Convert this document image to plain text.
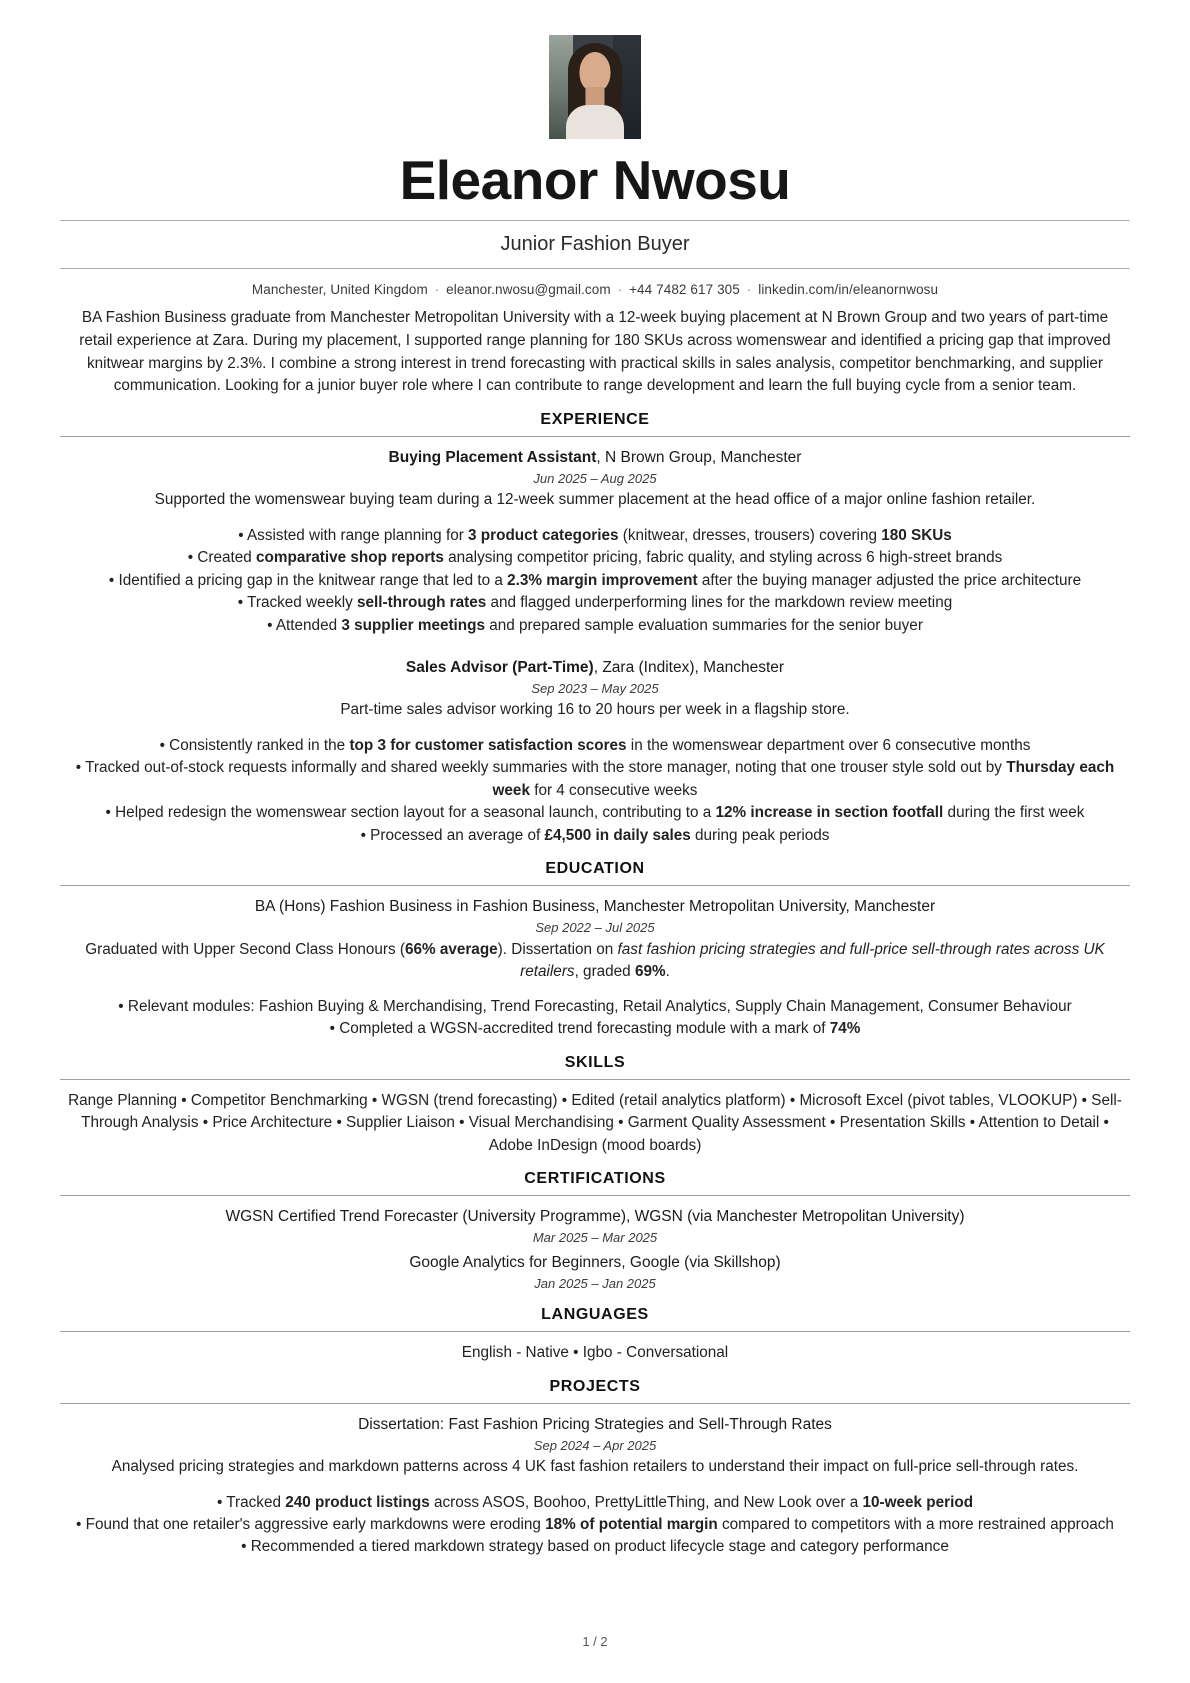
Eleanor Nwosu
Junior Fashion Buyer
Manchester, United Kingdom · eleanor.nwosu@gmail.com · +44 7482 617 305 · linkedin.com/in/eleanornwosu

BA Fashion Business graduate from Manchester Metropolitan University with a 12-week buying placement at N Brown Group and two years of part-time retail experience at Zara. During my placement, I supported range planning for 180 SKUs across womenswear and identified a pricing gap that improved knitwear margins by 2.3%. I combine a strong interest in trend forecasting with practical skills in sales analysis, competitor benchmarking, and supplier communication. Looking for a junior buyer role where I can contribute to range development and learn the full buying cycle from a senior team.

EXPERIENCE
Buying Placement Assistant, N Brown Group, Manchester
Jun 2025 – Aug 2025
Supported the womenswear buying team during a 12-week summer placement at the head office of a major online fashion retailer.
• Assisted with range planning for 3 product categories (knitwear, dresses, trousers) covering 180 SKUs
• Created comparative shop reports analysing competitor pricing, fabric quality, and styling across 6 high-street brands
• Identified a pricing gap in the knitwear range that led to a 2.3% margin improvement after the buying manager adjusted the price architecture
• Tracked weekly sell-through rates and flagged underperforming lines for the markdown review meeting
• Attended 3 supplier meetings and prepared sample evaluation summaries for the senior buyer
Sales Advisor (Part-Time), Zara (Inditex), Manchester
Sep 2023 – May 2025
Part-time sales advisor working 16 to 20 hours per week in a flagship store.
• Consistently ranked in the top 3 for customer satisfaction scores in the womenswear department over 6 consecutive months
• Tracked out-of-stock requests informally and shared weekly summaries with the store manager, noting that one trouser style sold out by Thursday each week for 4 consecutive weeks
• Helped redesign the womenswear section layout for a seasonal launch, contributing to a 12% increase in section footfall during the first week
• Processed an average of £4,500 in daily sales during peak periods
EDUCATION
BA (Hons) Fashion Business in Fashion Business, Manchester Metropolitan University, Manchester
Sep 2022 – Jul 2025
Graduated with Upper Second Class Honours (66% average). Dissertation on fast fashion pricing strategies and full-price sell-through rates across UK retailers, graded 69%.
• Relevant modules: Fashion Buying & Merchandising, Trend Forecasting, Retail Analytics, Supply Chain Management, Consumer Behaviour
• Completed a WGSN-accredited trend forecasting module with a mark of 74%
SKILLS
Range Planning • Competitor Benchmarking • WGSN (trend forecasting) • Edited (retail analytics platform) • Microsoft Excel (pivot tables, VLOOKUP) • Sell-Through Analysis • Price Architecture • Supplier Liaison • Visual Merchandising • Garment Quality Assessment • Presentation Skills • Attention to Detail • Adobe InDesign (mood boards)
CERTIFICATIONS
WGSN Certified Trend Forecaster (University Programme), WGSN (via Manchester Metropolitan University)
Mar 2025 – Mar 2025
Google Analytics for Beginners, Google (via Skillshop)
Jan 2025 – Jan 2025
LANGUAGES
English - Native • Igbo - Conversational
PROJECTS
Dissertation: Fast Fashion Pricing Strategies and Sell-Through Rates
Sep 2024 – Apr 2025
Analysed pricing strategies and markdown patterns across 4 UK fast fashion retailers to understand their impact on full-price sell-through rates.
• Tracked 240 product listings across ASOS, Boohoo, PrettyLittleThing, and New Look over a 10-week period
• Found that one retailer's aggressive early markdowns were eroding 18% of potential margin compared to competitors with a more restrained approach
• Recommended a tiered markdown strategy based on product lifecycle stage and category performance
1 / 2
